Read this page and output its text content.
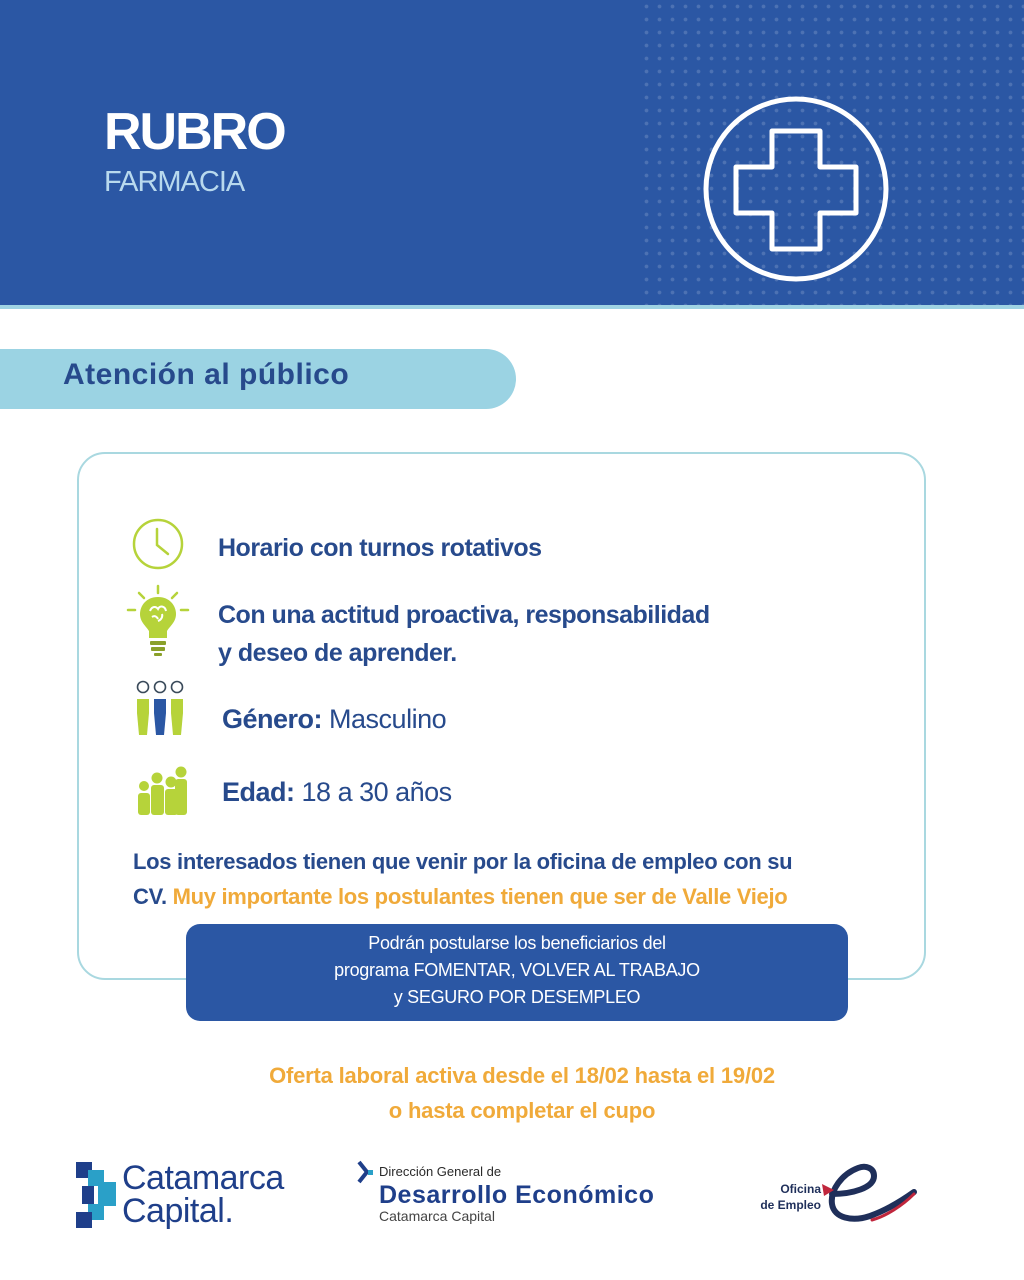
RUBRO
FARMACIA
Atención al público
Horario con turnos rotativos
Con una actitud proactiva, responsabilidad
y deseo de aprender.
Género: Masculino
Edad: 18 a 30 años
Los interesados tienen que venir por la oficina de empleo con su
CV. Muy importante los postulantes tienen que ser de Valle Viejo
Podrán postularse los beneficiarios del
programa FOMENTAR, VOLVER AL TRABAJO
y SEGURO POR DESEMPLEO
Oferta laboral activa desde el 18/02 hasta el 19/02
o hasta completar el cupo
Catamarca
Capital.
Dirección General de
Desarrollo Económico
Catamarca Capital
Oficina
de Empleo
